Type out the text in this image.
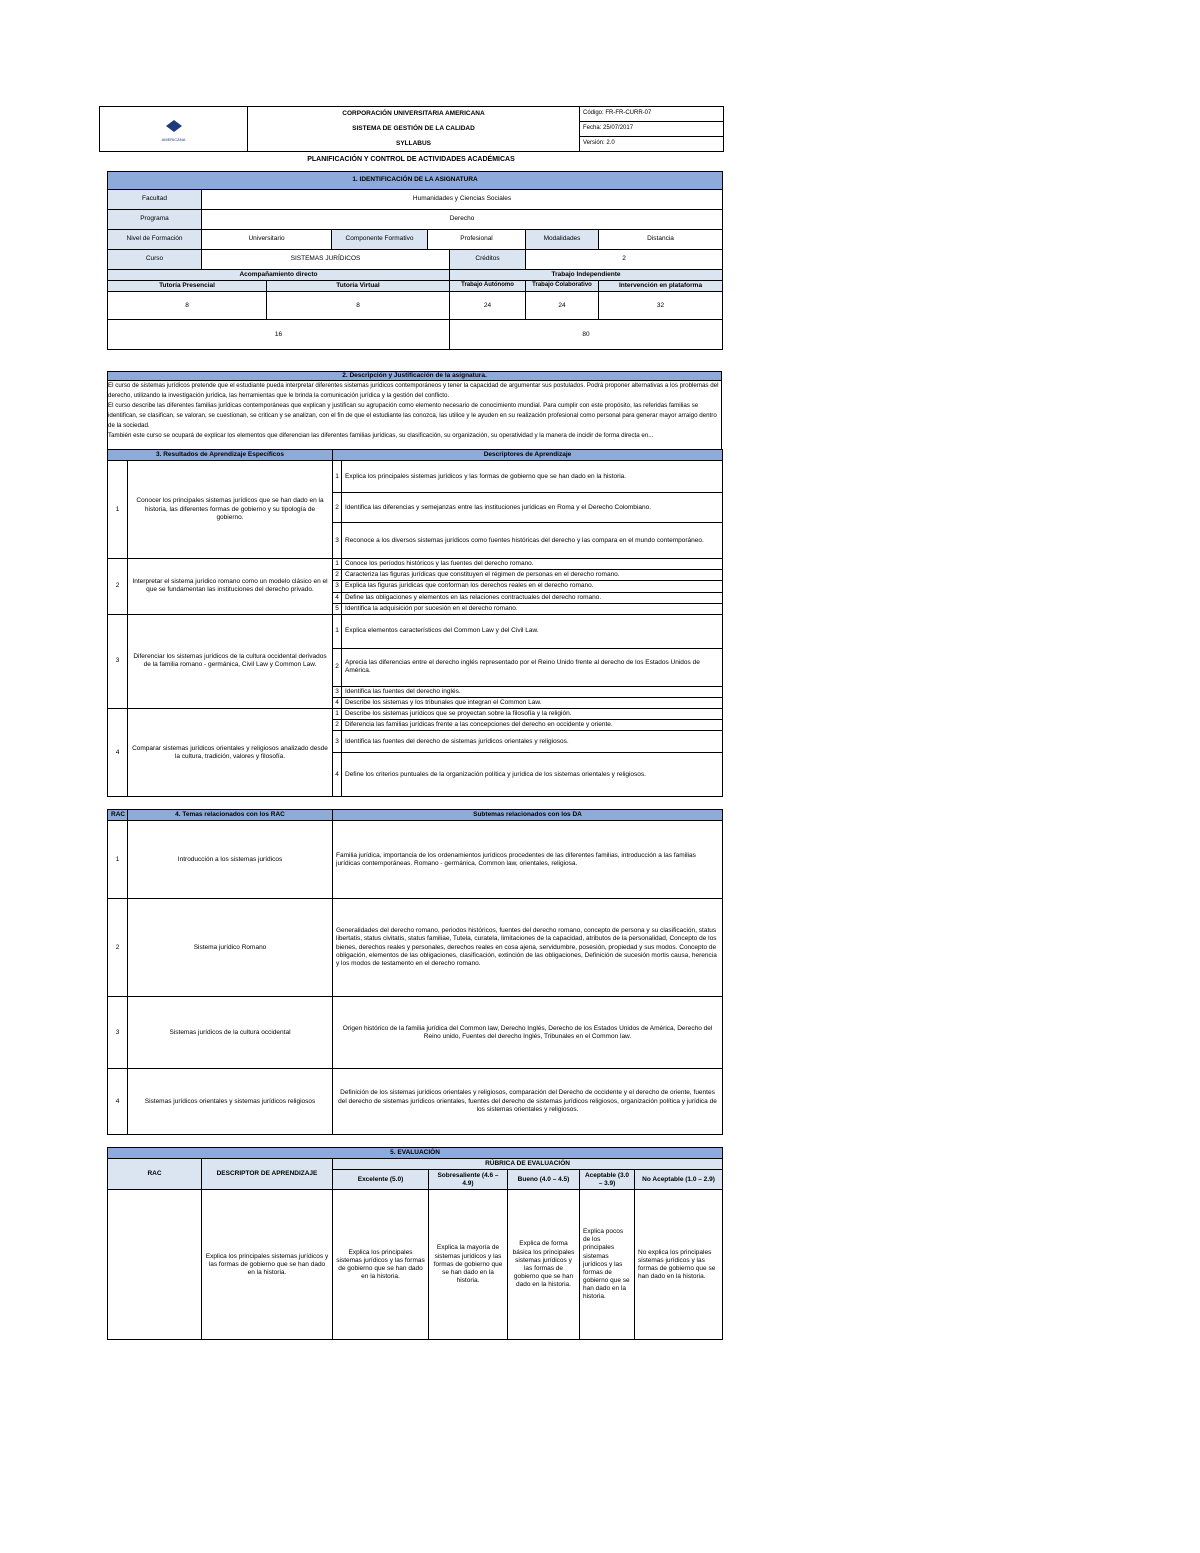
AMERICANA	CORPORACIÓN UNIVERSITARIA AMERICANA	Código: FR-FR-CURR-07
	SISTEMA DE GESTIÓN DE LA CALIDAD	Fecha: 25/07/2017
	SYLLABUS	Versión: 2.0
PLANIFICACIÓN Y CONTROL DE ACTIVIDADES ACADÉMICAS
1. IDENTIFICACIÓN DE LA ASIGNATURA							
Facultad	Humanidades y Ciencias Sociales						
Programa	Derecho						
Nivel de Formación	Universitario		Componente Formativo	Profesional		Modalidades	Distancia
Curso	SISTEMAS JURÍDICOS				Créditos	2	
Acompañamiento directo					Trabajo Independiente		
Tutoría Presencial		Tutoría Virtual			Trabajo Autónomo	Trabajo Colaborativo	Intervención en plataforma
8		8			24	24	32
16					80		
2. Descripción y Justificación de la asignatura.
El curso de sistemas jurídicos pretende que el estudiante pueda interpretar diferentes sistemas jurídicos contemporáneos y tener la capacidad de argumentar sus postulados. Podrá proponer alternativas a los problemas del derecho, utilizando la investigación jurídica, las herramientas que le brinda la comunicación jurídica y la gestión del conflicto.
El curso describe las diferentes familias jurídicas contemporáneas que explican y justifican su agrupación como elemento necesario de conocimiento mundial. Para cumplir con este propósito, las referidas familias se identifican, se clasifican, se valoran, se cuestionan, se critican y se analizan, con el fin de que el estudiante las conozca, las utilice y le ayuden en su realización profesional como personal para generar mayor arraigo dentro de la sociedad.
También este curso se ocupará de explicar los elementos que diferencian las diferentes familias jurídicas, su clasificación, su organización, su operatividad y la manera de incidir de forma directa en...
3. Resultados de Aprendizaje Específicos		Descriptores de Aprendizaje	
1	Conocer los principales sistemas jurídicos que se han dado en la historia, las diferentes formas de gobierno y su tipología de gobierno.	1	Explica los principales sistemas jurídicos y las formas de gobierno que se han dado en la historia.
		2	Identifica las diferencias y semejanzas entre las instituciones jurídicas en Roma y el Derecho Colombiano.
		3	Reconoce a los diversos sistemas jurídicos como fuentes históricas del derecho y las compara en el mundo contemporáneo.
2	Interpretar el sistema jurídico romano como un modelo clásico en el que se fundamentan las instituciones del derecho privado.	1	Conoce los períodos históricos y las fuentes del derecho romano.
		2	Caracteriza las figuras jurídicas que constituyen el régimen de personas en el derecho romano.
		3	Explica las figuras jurídicas que conforman los derechos reales en el derecho romano.
		4	Define las obligaciones y elementos en las relaciones contractuales del derecho romano.
		5	Identifica la adquisición por sucesión en el derecho romano.
3	Diferenciar los sistemas jurídicos de la cultura occidental derivados de la familia romano - germánica, Civil Law y Common Law.	1	Explica elementos característicos del Common Law y del Civil Law.
		2	Aprecia las diferencias entre el derecho inglés representado por el Reino Unido frente al derecho de los Estados Unidos de América.
		3	Identifica las fuentes del derecho inglés.
		4	Describe los sistemas y los tribunales que integran el Common Law.
4	Comparar sistemas jurídicos orientales y religiosos analizado desde la cultura, tradición, valores y filosofía.	1	Describe los sistemas jurídicos que se proyectan sobre la filosofía y la religión.
		2	Diferencia las familias jurídicas frente a las concepciones del derecho en occidente y oriente.
		3	Identifica las fuentes del derecho de sistemas jurídicos orientales y religiosos.
		4	Define los criterios puntuales de la organización política y jurídica de los sistemas orientales y religiosos.
RAC	4. Temas relacionados con los RAC	Subtemas relacionados con los DA
1	Introducción a los sistemas jurídicos	Familia jurídica, importancia de los ordenamientos jurídicos procedentes de las diferentes familias, introducción a las familias jurídicas contemporáneas. Romano - germánica, Common law, orientales, religiosa.
2	Sistema jurídico Romano	Generalidades del derecho romano, periodos históricos, fuentes del derecho romano, concepto de persona y su clasificación, status libertatis, status civitatis, status familiae, Tutela, curatela, limitaciones de la capacidad, atributos de la personalidad, Concepto de los bienes, derechos reales y personales, derechos reales en cosa ajena, servidumbre, posesión, propiedad y sus modos. Concepto de obligación, elementos de las obligaciones, clasificación, extinción de las obligaciones, Definición de sucesión mortis causa, herencia y los modos de testamento en el derecho romano.
3	Sistemas jurídicos de la cultura occidental	Origen histórico de la familia jurídica del Common law, Derecho Inglés, Derecho de los Estados Unidos de América, Derecho del Reino unido, Fuentes del derecho Inglés, Tribunales en el Common law.
4	Sistemas jurídicos orientales y sistemas jurídicos religiosos	Definición de los sistemas jurídicos orientales y religiosos, comparación del Derecho de occidente y el derecho de oriente, fuentes del derecho de sistemas jurídicos orientales, fuentes del derecho de sistemas jurídicos religiosos, organización política y jurídica de los sistemas orientales y religiosos.
5. EVALUACIÓN						
RAC	DESCRIPTOR DE APRENDIZAJE	RÚBRICA DE EVALUACIÓN				
		Excelente (5.0)	Sobresaliente (4.6 – 4.9)	Bueno (4.0 – 4.5)	Aceptable (3.0 – 3.9)	No Aceptable (1.0 – 2.9)
	Explica los principales sistemas jurídicos y las formas de gobierno que se han dado en la historia.	Explica los principales sistemas jurídicos y las formas de gobierno que se han dado en la historia.	Explica la mayoría de sistemas jurídicos y las formas de gobierno que se han dado en la historia.	Explica de forma básica los principales sistemas jurídicos y las formas de gobierno que se han dado en la historia.	Explica pocos de los principales sistemas jurídicos y las formas de gobierno que se han dado en la historia.	No explica los principales sistemas jurídicos y las formas de gobierno que se han dado en la historia.
